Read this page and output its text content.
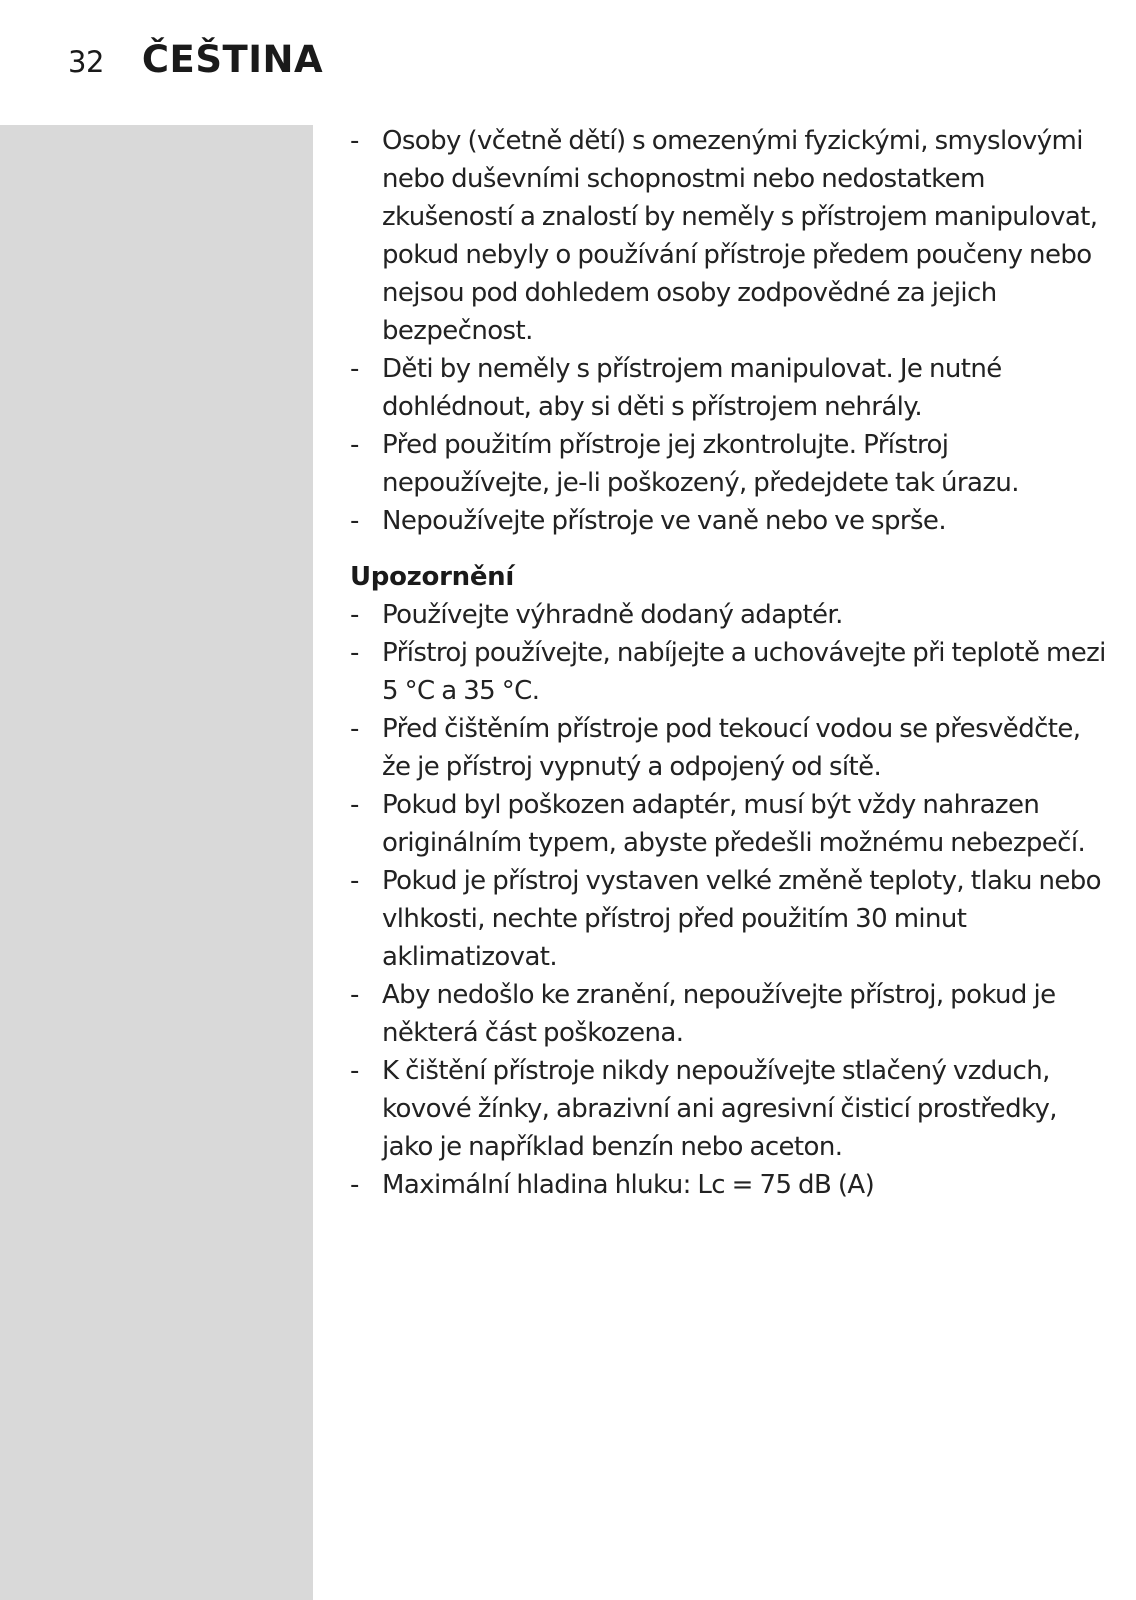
32 ČEŠTINA
- Osoby (včetně dětí) s omezenými fyzickými, smyslovými nebo duševními schopnostmi nebo nedostatkem zkušeností a znalostí by neměly s přístrojem manipulovat, pokud nebyly o používání přístroje předem poučeny nebo nejsou pod dohledem osoby zodpovědné za jejich bezpečnost.
- Děti by neměly s přístrojem manipulovat. Je nutné dohlédnout, aby si děti s přístrojem nehrály.
- Před použitím přístroje jej zkontrolujte. Přístroj nepoužívejte, je-li poškozený, předejdete tak úrazu.
- Nepoužívejte přístroje ve vaně nebo ve sprše.
Upozornění
- Používejte výhradně dodaný adaptér.
- Přístroj používejte, nabíjejte a uchovávejte při teplotě mezi 5 °C a 35 °C.
- Před čištěním přístroje pod tekoucí vodou se přesvědčte, že je přístroj vypnutý a odpojený od sítě.
- Pokud byl poškozen adaptér, musí být vždy nahrazen originálním typem, abyste předešli možnému nebezpečí.
- Pokud je přístroj vystaven velké změně teploty, tlaku nebo vlhkosti, nechte přístroj před použitím 30 minut aklimatizovat.
- Aby nedošlo ke zranění, nepoužívejte přístroj, pokud je některá část poškozena.
- K čištění přístroje nikdy nepoužívejte stlačený vzduch, kovové žínky, abrazivní ani agresivní čisticí prostředky, jako je například benzín nebo aceton.
- Maximální hladina hluku: Lc = 75 dB (A)
